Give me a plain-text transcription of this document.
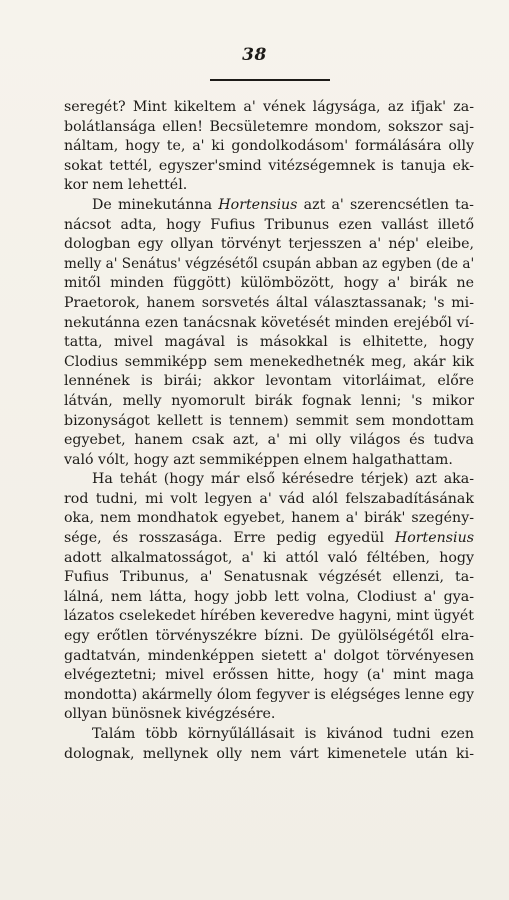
38
seregét? Mint kikeltem a' vének lágysága, az ifjak' za-
bolátlansága ellen! Becsületemre mondom, sokszor saj-
náltam, hogy te, a' ki gondolkodásom' formálására olly
sokat tettél, egyszer'smind vitézségemnek is tanuja ek-
kor nem lehettél.
De minekutánna Hortensius azt a' szerencsétlen ta-
nácsot adta, hogy Fufius Tribunus ezen vallást illető
dologban egy ollyan törvényt terjesszen a' nép' eleibe,
melly a' Senátus' végzésétől csupán abban az egyben (de a'
mitől minden függött) külömbözött, hogy a' birák ne
Praetorok, hanem sorsvetés által választassanak; 's mi-
nekutánna ezen tanácsnak követését minden erejéből ví-
tatta, mivel magával is másokkal is elhitette, hogy
Clodius semmiképp sem menekedhetnék meg, akár kik
lennének is birái; akkor levontam vitorláimat, előre
látván, melly nyomorult birák fognak lenni; 's mikor
bizonyságot kellett is tennem) semmit sem mondottam
egyebet, hanem csak azt, a' mi olly világos és tudva
való vólt, hogy azt semmiképpen elnem halgathattam.
Ha tehát (hogy már első kérésedre térjek) azt akа-
rod tudni, mi volt legyen a' vád alól felszabadításának
oka, nem mondhatok egyebet, hanem a' birák' szegény-
sége, és rosszasága. Erre pedig egyedül Hortensius
adott alkalmatosságot, a' ki attól való féltében, hogy
Fufius Tribunus, a' Senatusnak végzését ellenzi, ta-
lálná, nem látta, hogy jobb lett volna, Clodiust a' gya-
lázatos cselekedet hírében keveredve hagyni, mint ügyét
egy erőtlen törvényszékre bízni. De gyülölségétől elra-
gadtatván, mindenképpen sietett a' dolgot törvényesen
elvégeztetni; mivel erőssen hitte, hogy (a' mint maga
mondotta) akármelly ólom fegyver is elégséges lenne egy
ollyan bünösnek kivégzésére.
Talám több környűlállásait is kivánod tudni ezen
dolognak, mellynek olly nem várt kimenetele után ki-
